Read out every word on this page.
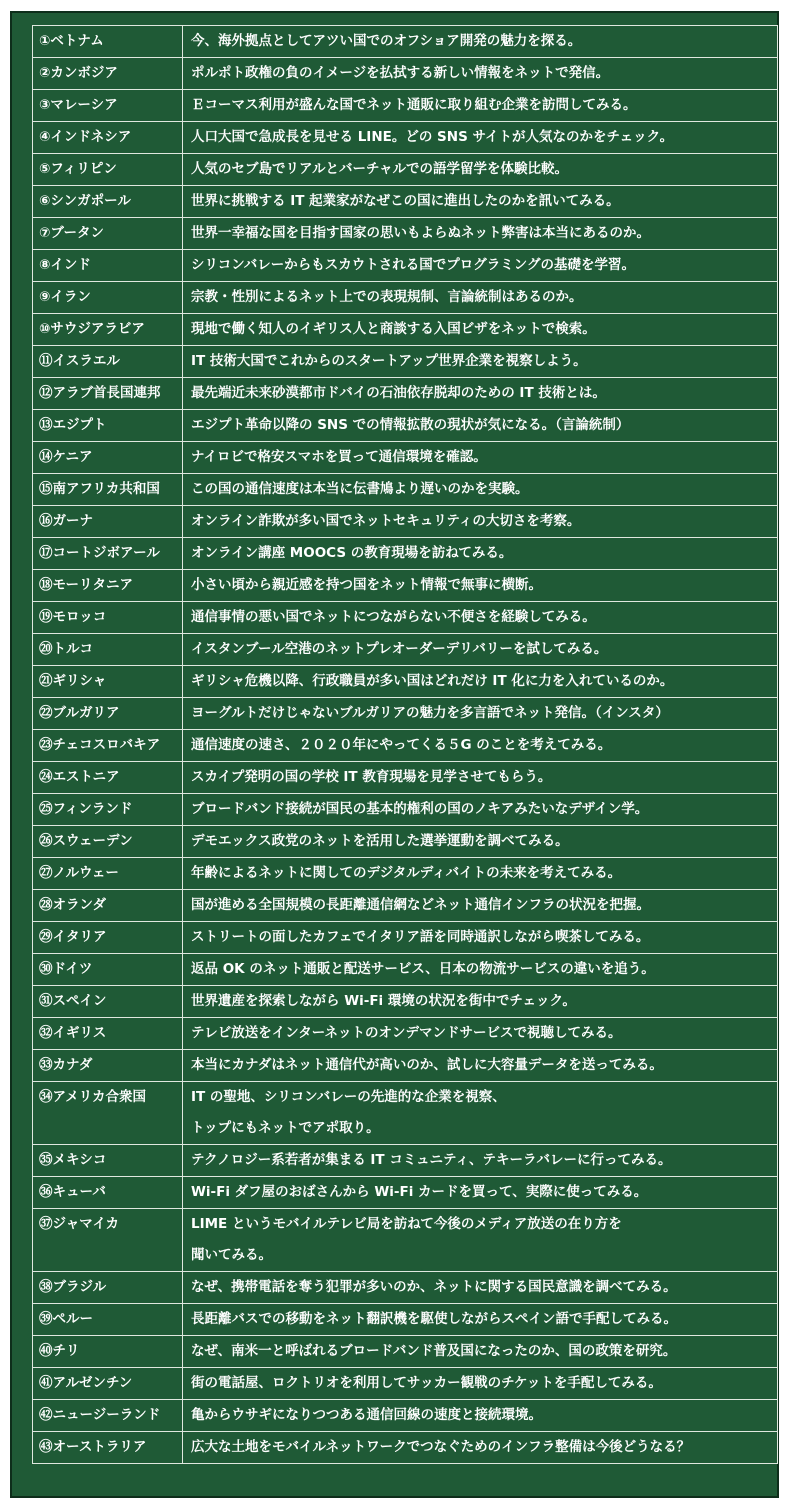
①ベトナム	今、海外拠点としてアツい国でのオフショア開発の魅力を探る。
②カンボジア	ポルポト政権の負のイメージを払拭する新しい情報をネットで発信。
③マレーシア	Ｅコーマス利用が盛んな国でネット通販に取り組む企業を訪問してみる。
④インドネシア	人口大国で急成長を見せる LINE。どの SNS サイトが人気なのかをチェック。
⑤フィリピン	人気のセブ島でリアルとバーチャルでの語学留学を体験比較。
⑥シンガポール	世界に挑戦する IT 起業家がなぜこの国に進出したのかを訊いてみる。
⑦ブータン	世界一幸福な国を目指す国家の思いもよらぬネット弊害は本当にあるのか。
⑧インド	シリコンバレーからもスカウトされる国でプログラミングの基礎を学習。
⑨イラン	宗教・性別によるネット上での表現規制、言論統制はあるのか。
⑩サウジアラビア	現地で働く知人のイギリス人と商談する入国ビザをネットで検索。
⑪イスラエル	IT 技術大国でこれからのスタートアップ世界企業を視察しよう。
⑫アラブ首長国連邦	最先端近未来砂漠都市ドバイの石油依存脱却のための IT 技術とは。
⑬エジプト	エジプト革命以降の SNS での情報拡散の現状が気になる。（言論統制）
⑭ケニア	ナイロビで格安スマホを買って通信環境を確認。
⑮南アフリカ共和国	この国の通信速度は本当に伝書鳩より遅いのかを実験。
⑯ガーナ	オンライン詐欺が多い国でネットセキュリティの大切さを考察。
⑰コートジボアール	オンライン講座 MOOCS の教育現場を訪ねてみる。
⑱モーリタニア	小さい頃から親近感を持つ国をネット情報で無事に横断。
⑲モロッコ	通信事情の悪い国でネットにつながらない不便さを経験してみる。
⑳トルコ	イスタンブール空港のネットプレオーダーデリバリーを試してみる。
㉑ギリシャ	ギリシャ危機以降、行政職員が多い国はどれだけ IT 化に力を入れているのか。
㉒ブルガリア	ヨーグルトだけじゃないブルガリアの魅力を多言語でネット発信。（インスタ）
㉓チェコスロバキア	通信速度の速さ、２０２０年にやってくる５G のことを考えてみる。
㉔エストニア	スカイプ発明の国の学校 IT 教育現場を見学させてもらう。
㉕フィンランド	ブロードバンド接続が国民の基本的権利の国のノキアみたいなデザイン学。
㉖スウェーデン	デモエックス政党のネットを活用した選挙運動を調べてみる。
㉗ノルウェー	年齢によるネットに関してのデジタルディバイトの未来を考えてみる。
㉘オランダ	国が進める全国規模の長距離通信網などネット通信インフラの状況を把握。
㉙イタリア	ストリートの面したカフェでイタリア語を同時通訳しながら喫茶してみる。
㉚ドイツ	返品 OK のネット通販と配送サービス、日本の物流サービスの違いを追う。
㉛スペイン	世界遺産を探索しながら Wi-Fi 環境の状況を街中でチェック。
㉜イギリス	テレビ放送をインターネットのオンデマンドサービスで視聴してみる。
㉝カナダ	本当にカナダはネット通信代が高いのか、試しに大容量データを送ってみる。
㉞アメリカ合衆国	IT の聖地、シリコンバレーの先進的な企業を視察、
トップにもネットでアポ取り。
㉟メキシコ	テクノロジー系若者が集まる IT コミュニティ、テキーラバレーに行ってみる。
㊱キューバ	Wi-Fi ダフ屋のおばさんから Wi-Fi カードを買って、実際に使ってみる。
㊲ジャマイカ	LIME というモバイルテレビ局を訪ねて今後のメディア放送の在り方を
聞いてみる。
㊳ブラジル	なぜ、携帯電話を奪う犯罪が多いのか、ネットに関する国民意識を調べてみる。
㊴ペルー	長距離バスでの移動をネット翻訳機を駆使しながらスペイン語で手配してみる。
㊵チリ	なぜ、南米一と呼ばれるブロードバンド普及国になったのか、国の政策を研究。
㊶アルゼンチン	街の電話屋、ロクトリオを利用してサッカー観戦のチケットを手配してみる。
㊷ニュージーランド	亀からウサギになりつつある通信回線の速度と接続環境。
㊸オーストラリア	広大な土地をモバイルネットワークでつなぐためのインフラ整備は今後どうなる？
